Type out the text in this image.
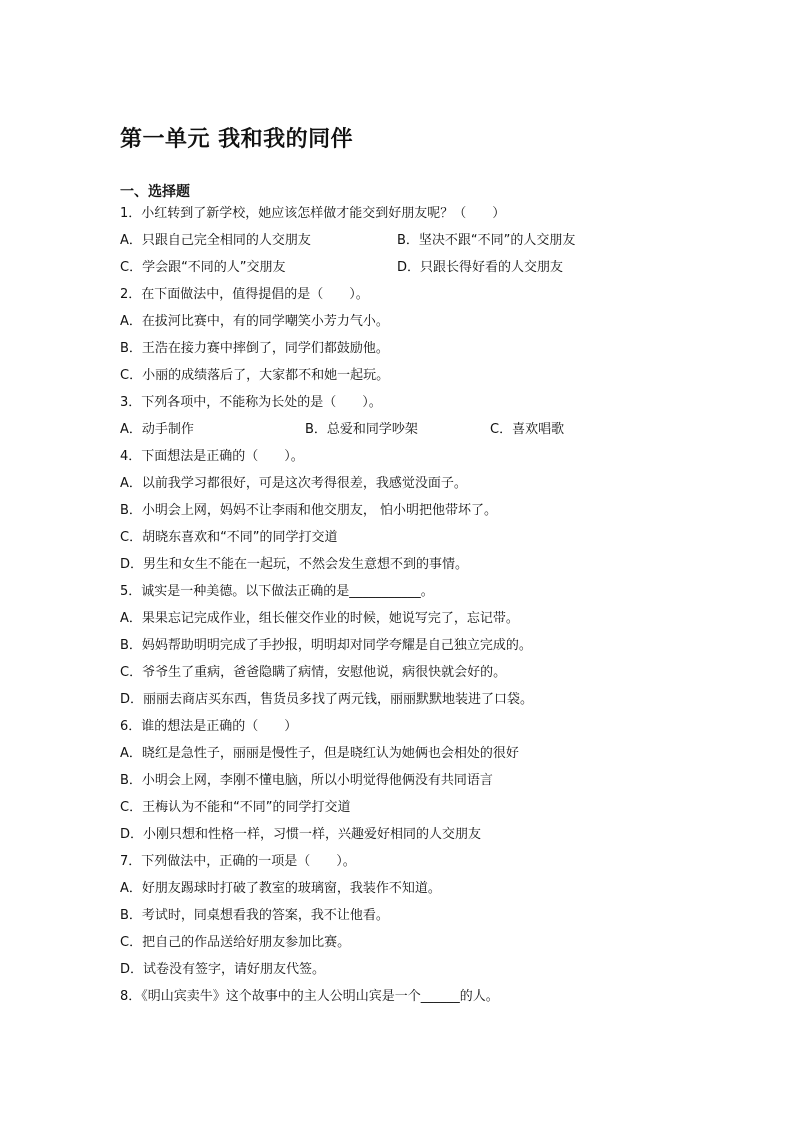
第一单元 我和我的同伴
一、选择题
1．小红转到了新学校，她应该怎样做才能交到好朋友呢？（　　）
A．只跟自己完全相同的人交朋友	B．坚决不跟“不同”的人交朋友
C．学会跟“不同的人”交朋友	D．只跟长得好看的人交朋友
2．在下面做法中，值得提倡的是（　　）。
A．在拔河比赛中，有的同学嘲笑小芳力气小。
B．王浩在接力赛中摔倒了，同学们都鼓励他。
C．小丽的成绩落后了，大家都不和她一起玩。
3．下列各项中，不能称为长处的是（　　）。
A．动手制作	B．总爱和同学吵架	C．喜欢唱歌
4．下面想法是正确的（　　）。
A．以前我学习都很好，可是这次考得很差，我感觉没面子。
B．小明会上网，妈妈不让李雨和他交朋友， 怕小明把他带坏了。
C．胡晓东喜欢和“不同”的同学打交道
D．男生和女生不能在一起玩，不然会发生意想不到的事情。
5．诚实是一种美德。以下做法正确的是___________。
A．果果忘记完成作业，组长催交作业的时候，她说写完了，忘记带。
B．妈妈帮助明明完成了手抄报，明明却对同学夸耀是自己独立完成的。
C．爷爷生了重病，爸爸隐瞒了病情，安慰他说，病很快就会好的。
D．丽丽去商店买东西，售货员多找了两元钱，丽丽默默地装进了口袋。
6．谁的想法是正确的（　　）
A．晓红是急性子，丽丽是慢性子，但是晓红认为她俩也会相处的很好
B．小明会上网，李刚不懂电脑，所以小明觉得他俩没有共同语言
C．王梅认为不能和“不同”的同学打交道
D．小刚只想和性格一样，习惯一样，兴趣爱好相同的人交朋友
7．下列做法中，正确的一项是（　　）。
A．好朋友踢球时打破了教室的玻璃窗，我装作不知道。
B．考试时，同桌想看我的答案，我不让他看。
C．把自己的作品送给好朋友参加比赛。
D．试卷没有签字，请好朋友代签。
8．《明山宾卖牛》这个故事中的主人公明山宾是一个______的人。
